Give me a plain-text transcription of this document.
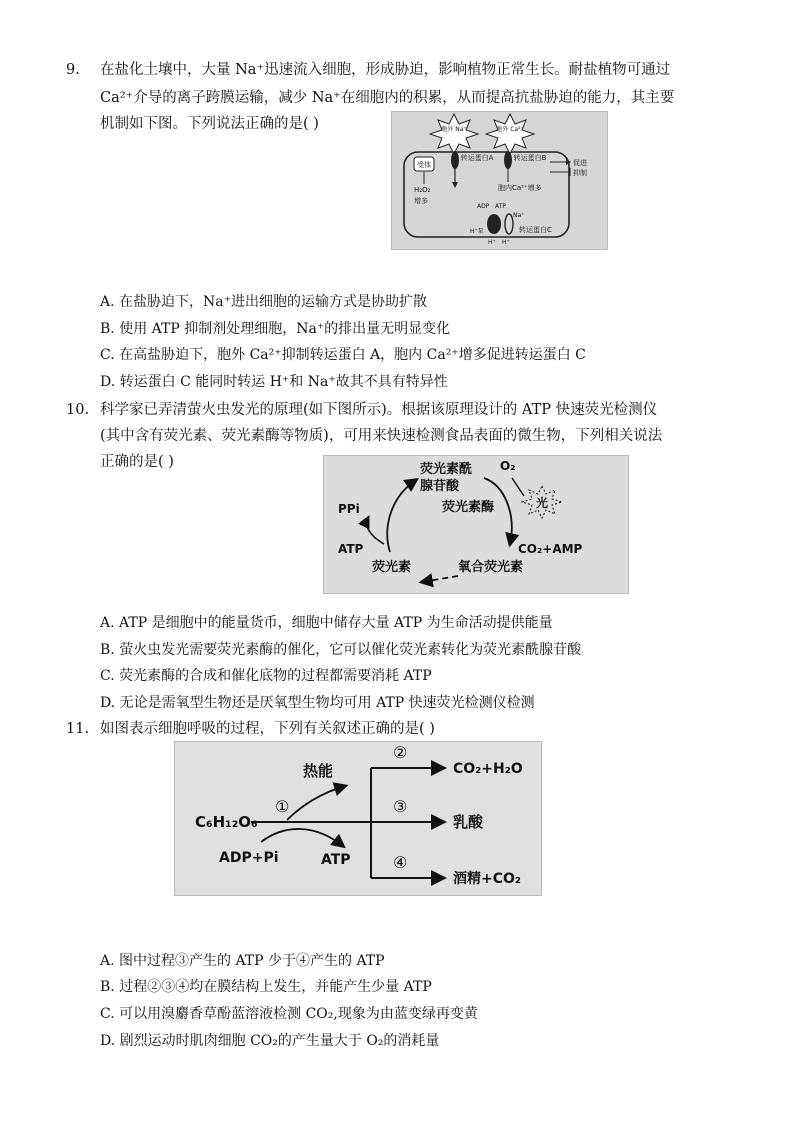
9. 在盐化土壤中，大量 Na⁺迅速流入细胞，形成胁迫，影响植物正常生长。耐盐植物可通过
Ca²⁺介导的离子跨膜运输，减少 Na⁺在细胞内的积累，从而提高抗盐胁迫的能力，其主要
机制如下图。下列说法正确的是( )	胞外 Na⁺	胞外 Ca²⁺
受体
转运蛋白A	转运蛋白B
促进
抑制
H₂O₂
增多
胞内Ca²⁺增多
ADP ATP
Na⁺
H⁺泵
H⁺ H⁺
转运蛋白C
A. 在盐胁迫下，Na⁺进出细胞的运输方式是协助扩散
B. 使用 ATP 抑制剂处理细胞，Na⁺的排出量无明显变化
C. 在高盐胁迫下，胞外 Ca²⁺抑制转运蛋白 A，胞内 Ca²⁺增多促进转运蛋白 C
D. 转运蛋白 C 能同时转运 H⁺和 Na⁺故其不具有特异性
10. 科学家已弄清萤火虫发光的原理(如下图所示)。根据该原理设计的 ATP 快速荧光检测仪
(其中含有荧光素、荧光素酶等物质)，可用来快速检测食品表面的微生物，下列相关说法
正确的是( )	荧光素酰
腺苷酸
O₂
荧光素酶	光
PPi
ATP	CO₂+AMP
荧光素	氧合荧光素
A. ATP 是细胞中的能量货币，细胞中储存大量 ATP 为生命活动提供能量
B. 萤火虫发光需要荧光素酶的催化，它可以催化荧光素转化为荧光素酰腺苷酸
C. 荧光素酶的合成和催化底物的过程都需要消耗 ATP
D. 无论是需氧型生物还是厌氧型生物均可用 ATP 快速荧光检测仪检测
11. 如图表示细胞呼吸的过程，下列有关叙述正确的是( )
热能
①
C₆H₁₂O₆
ADP+Pi	ATP
②
③
④
CO₂+H₂O
乳酸
酒精+CO₂
A. 图中过程③产生的 ATP 少于④产生的 ATP
B. 过程②③④均在膜结构上发生，并能产生少量 ATP
C. 可以用溴麝香草酚蓝溶液检测 CO₂,现象为由蓝变绿再变黄
D. 剧烈运动时肌肉细胞 CO₂的产生量大于 O₂的消耗量
